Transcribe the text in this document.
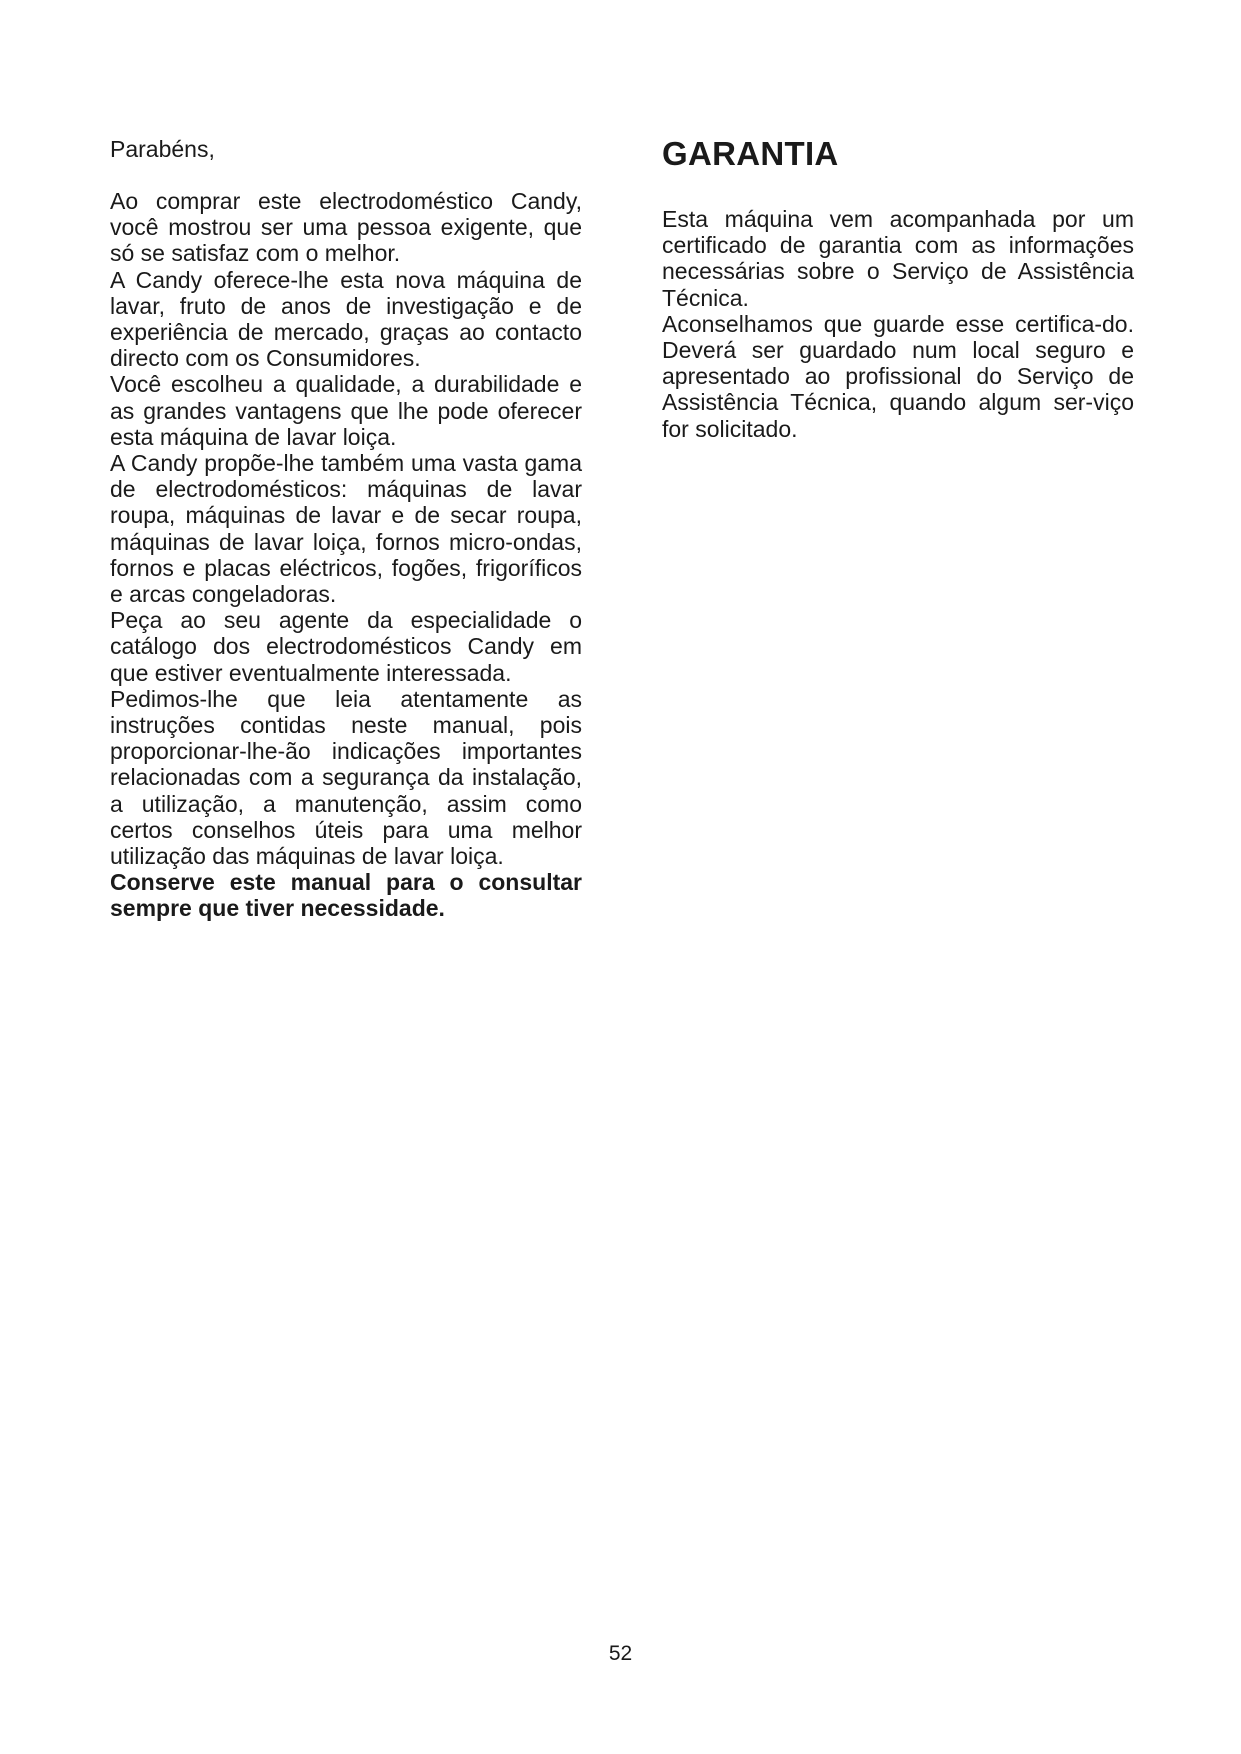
Parabéns,

Ao comprar este electrodoméstico Candy, você mostrou ser uma pessoa exigente, que só se satisfaz com o melhor.

A Candy oferece-lhe esta nova máquina de lavar, fruto de anos de investigação e de experiência de mercado, graças ao contacto directo com os Consumidores.

Você escolheu a qualidade, a durabilidade e as grandes vantagens que lhe pode oferecer esta máquina de lavar loiça.

A Candy propõe-lhe também uma vasta gama de electrodomésticos: máquinas de lavar roupa, máquinas de lavar e de secar roupa, máquinas de lavar loiça, fornos micro-ondas, fornos e placas eléctricos, fogões, frigoríficos e arcas congeladoras.

Peça ao seu agente da especialidade o catálogo dos electrodomésticos Candy em que estiver eventualmente interessada.

Pedimos-lhe que leia atentamente as instruções contidas neste manual, pois proporcionar-lhe-ão indicações importantes relacionadas com a segurança da instalação, a utilização, a manutenção, assim como certos conselhos úteis para uma melhor utilização das máquinas de lavar loiça.

Conserve este manual para o consultar sempre que tiver necessidade.

GARANTIA

Esta máquina vem acompanhada por um certificado de garantia com as informações necessárias sobre o Serviço de Assistência Técnica.

Aconselhamos que guarde esse certifica-do. Deverá ser guardado num local seguro e apresentado ao profissional do Serviço de Assistência Técnica, quando algum ser-viço for solicitado.

52
